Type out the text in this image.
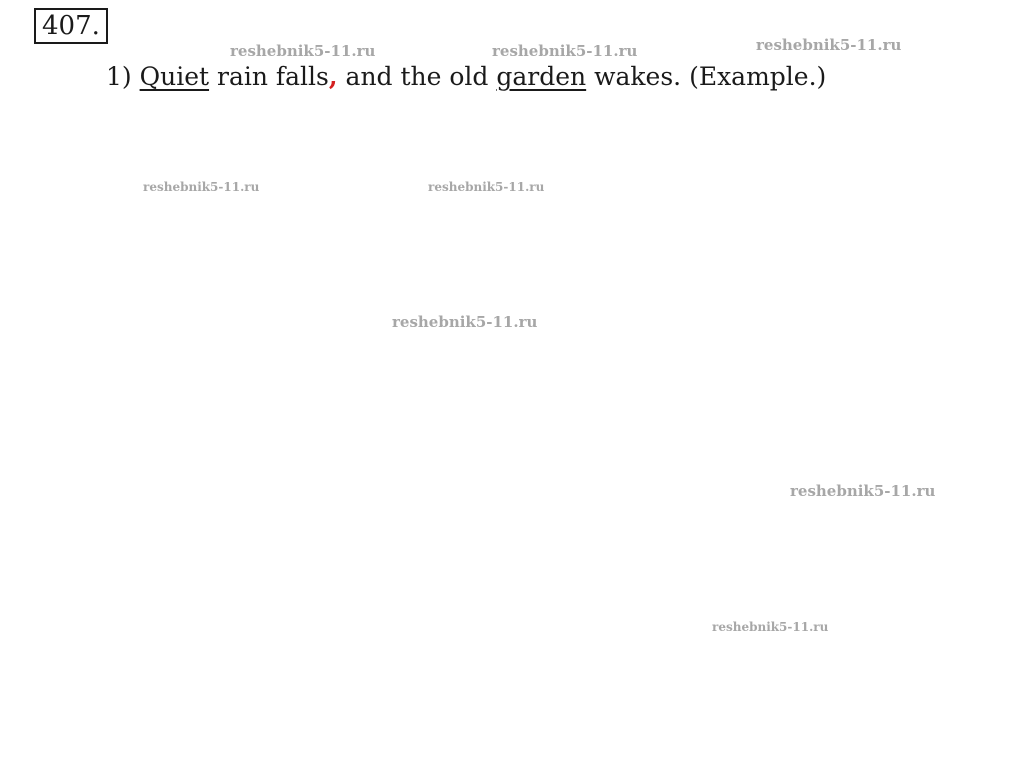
407.
reshebnik5-11.ru	reshebnik5-11.ru	reshebnik5-11.ru
reshebnik5-11.ru	reshebnik5-11.ru
reshebnik5-11.ru
reshebnik5-11.ru
reshebnik5-11.ru
1) Quiet rain falls, and the old garden wakes. (Example.)
